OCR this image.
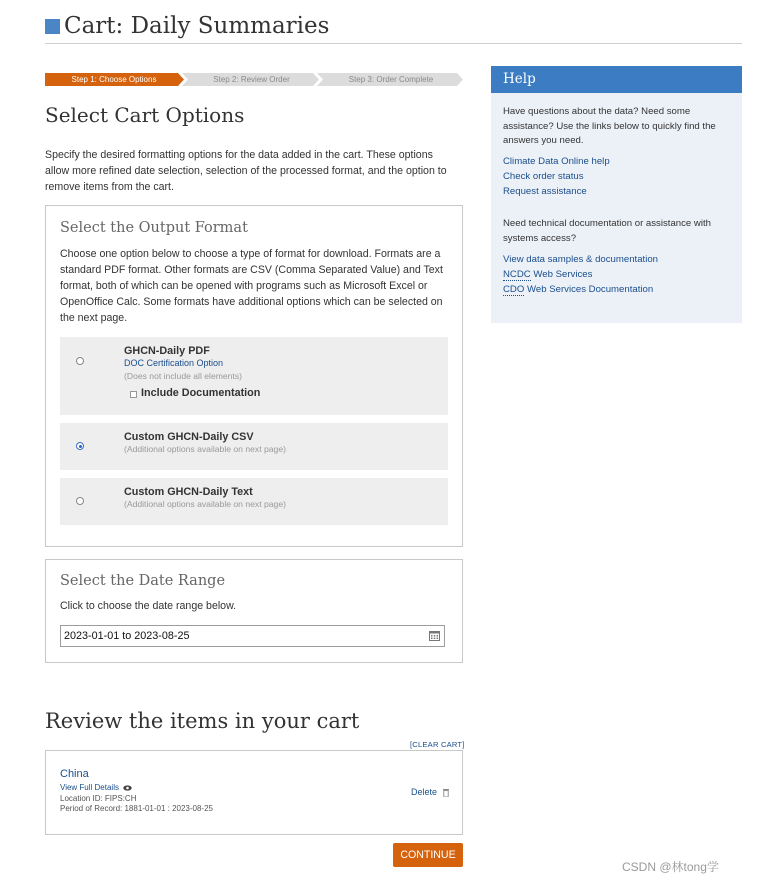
Cart: Daily Summaries
Step 1: Choose Options	Step 2: Review Order	Step 3: Order Complete
Select Cart Options
Specify the desired formatting options for the data added in the cart. These options allow more refined date selection, selection of the processed format, and the option to remove items from the cart.
Select the Output Format
Choose one option below to choose a type of format for download. Formats are a standard PDF format. Other formats are CSV (Comma Separated Value) and Text format, both of which can be opened with programs such as Microsoft Excel or OpenOffice Calc. Some formats have additional options which can be selected on the next page.
GHCN-Daily PDF
DOC Certification Option
(Does not include all elements)
Include Documentation
Custom GHCN-Daily CSV
(Additional options available on next page)
Custom GHCN-Daily Text
(Additional options available on next page)
Select the Date Range
Click to choose the date range below.
2023-01-01 to 2023-08-25
Review the items in your cart
[CLEAR CART]
China
View Full Details
Location ID: FIPS:CH
Period of Record: 1881-01-01 : 2023-08-25
Delete
CONTINUE
Help
Have questions about the data? Need some assistance? Use the links below to quickly find the answers you need.
Climate Data Online help
Check order status
Request assistance
Need technical documentation or assistance with systems access?
View data samples & documentation
NCDC Web Services
CDO Web Services Documentation
CSDN @林tong学
